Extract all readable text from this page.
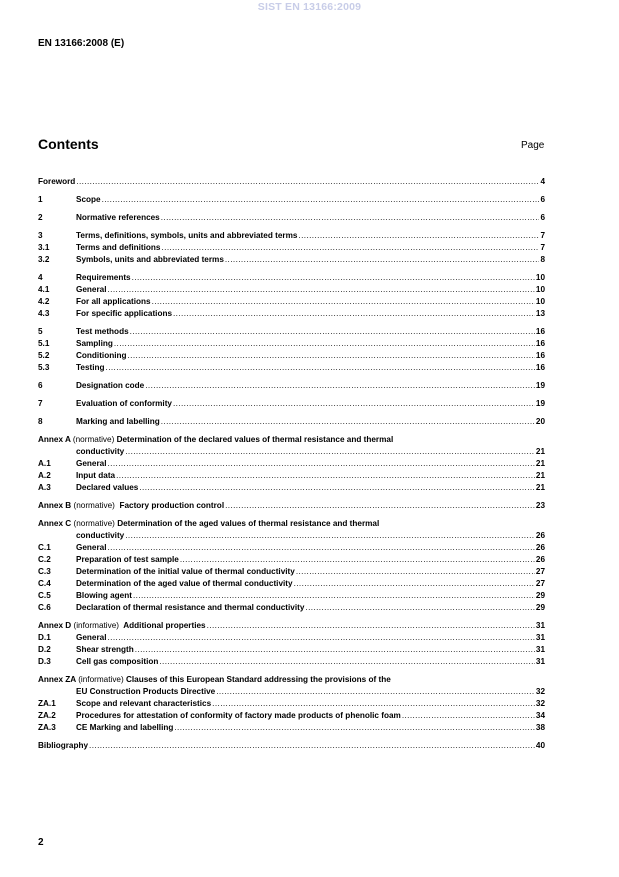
SIST EN 13166:2009
EN 13166:2008 (E)
Contents	Page
Foreword .....	4
1	Scope .....	6
2	Normative references .....	6
3	Terms, definitions, symbols, units and abbreviated terms .....	7
3.1	Terms and definitions .....	7
3.2	Symbols, units and abbreviated terms .....	8
4	Requirements .....	10
4.1	General .....	10
4.2	For all applications .....	10
4.3	For specific applications .....	13
5	Test methods .....	16
5.1	Sampling .....	16
5.2	Conditioning .....	16
5.3	Testing .....	16
6	Designation code .....	19
7	Evaluation of conformity .....	19
8	Marking and labelling .....	20
Annex A (normative) Determination of the declared values of thermal resistance and thermal
conductivity .....	21
A.1	General .....	21
A.2	Input data .....	21
A.3	Declared values .....	21
Annex B (normative) Factory production control .....	23
Annex C (normative) Determination of the aged values of thermal resistance and thermal
conductivity .....	26
C.1	General .....	26
C.2	Preparation of test sample .....	26
C.3	Determination of the initial value of thermal conductivity .....	27
C.4	Determination of the aged value of thermal conductivity .....	27
C.5	Blowing agent .....	29
C.6	Declaration of thermal resistance and thermal conductivity .....	29
Annex D (informative) Additional properties .....	31
D.1	General .....	31
D.2	Shear strength .....	31
D.3	Cell gas composition .....	31
Annex ZA (informative) Clauses of this European Standard addressing the provisions of the
EU Construction Products Directive .....	32
ZA.1	Scope and relevant characteristics .....	32
ZA.2	Procedures for attestation of conformity of factory made products of phenolic foam .....	34
ZA.3	CE Marking and labelling .....	38
Bibliography .....	40
2
